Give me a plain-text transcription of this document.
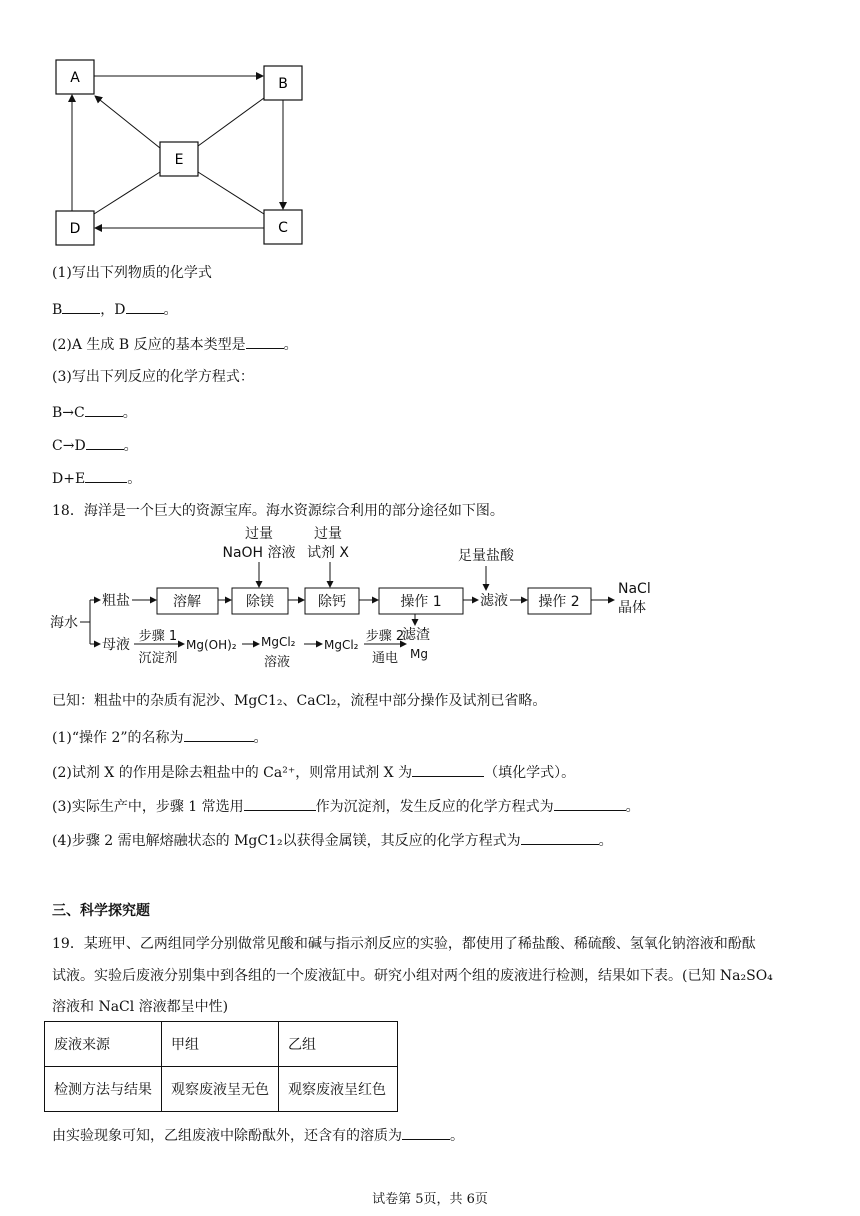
A	B
C
D
E
(1)写出下列物质的化学式
B	，D	。
(2)A 生成 B 反应的基本类型是	。
(3)写出下列反应的化学方程式：
B→C	。
C→D	。
D+E	。
18．海洋是一个巨大的资源宝库。海水资源综合利用的部分途径如下图。
海水
粗盐	溶解	除镁	除钙	操作 1	滤液 操作 2
NaCl
晶体
过量
NaOH 溶液
过量
试剂 X	足量盐酸
滤渣
母液
步骤 1
沉淀剂
Mg(OH)₂ MgCl₂
溶液
MgCl₂
步骤 2
通电 Mg
已知：粗盐中的杂质有泥沙、MgC1₂、CaCl₂，流程中部分操作及试剂已省略。
(1)“操作 2”的名称为	。
(2)试剂 X 的作用是除去粗盐中的 Ca²⁺，则常用试剂 X 为	（填化学式）。
(3)实际生产中，步骤 1 常选用	作为沉淀剂，发生反应的化学方程式为	。
(4)步骤 2 需电解熔融状态的 MgC1₂以获得金属镁，其反应的化学方程式为	。
三、科学探究题
19．某班甲、乙两组同学分别做常见酸和碱与指示剂反应的实验，都使用了稀盐酸、稀硫酸、氢氧化钠溶液和酚酞
试液。实验后废液分别集中到各组的一个废液缸中。研究小组对两个组的废液进行检测，结果如下表。(已知 Na₂SO₄
溶液和 NaCl 溶液都呈中性)
废液来源	甲组	乙组
检测方法与结果	观察废液呈无色	观察废液呈红色
由实验现象可知，乙组废液中除酚酞外，还含有的溶质为	。
试卷第 5页，共 6页
